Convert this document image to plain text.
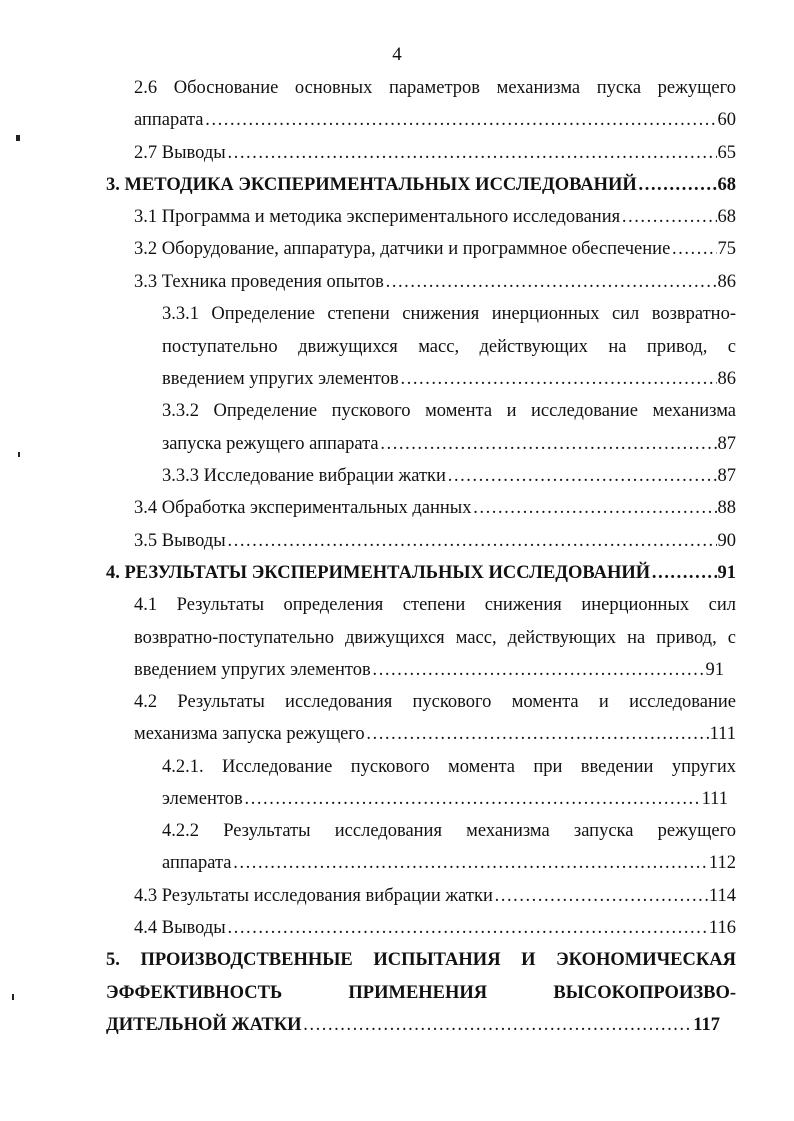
4
2.6 Обоснование основных параметров механизма пуска режущего
аппарата ……………………………………………………………………………………………………………………………………………………………………………………	60
2.7 Выводы ……………………………………………………………………………………………………………………………………………………………………………………	65
3. МЕТОДИКА ЭКСПЕРИМЕНТАЛЬНЫХ ИССЛЕДОВАНИЙ ……………………………………………………………………………………………………………………………………………………………………………………	68
3.1 Программа и методика экспериментального исследования ……………………………………………………………………………………………………………………………………………………………………………………	68
3.2 Оборудование, аппаратура, датчики и программное обеспечение ……………………………………………………………………………………………………………………………………………………………………………………	75
3.3 Техника проведения опытов ……………………………………………………………………………………………………………………………………………………………………………………	86
3.3.1 Определение степени снижения инерционных сил возвратно-
поступательно движущихся масс, действующих на привод, с
введением упругих элементов ……………………………………………………………………………………………………………………………………………………………………………………	86
3.3.2 Определение пускового момента и исследование механизма
запуска режущего аппарата ……………………………………………………………………………………………………………………………………………………………………………………	87
3.3.3 Исследование вибрации жатки ……………………………………………………………………………………………………………………………………………………………………………………	87
3.4 Обработка экспериментальных данных ……………………………………………………………………………………………………………………………………………………………………………………	88
3.5 Выводы ……………………………………………………………………………………………………………………………………………………………………………………	90
4. РЕЗУЛЬТАТЫ ЭКСПЕРИМЕНТАЛЬНЫХ ИССЛЕДОВАНИЙ ……………………………………………………………………………………………………………………………………………………………………………………	91
4.1 Результаты определения степени снижения инерционных сил
возвратно-поступательно движущихся масс, действующих на привод, с
введением упругих элементов ……………………………………………………………………………………………………………………………………………………………………………………	91
4.2 Результаты исследования пускового момента и исследование
механизма запуска режущего ……………………………………………………………………………………………………………………………………………………………………………………	111
4.2.1. Исследование пускового момента при введении упругих
элементов ……………………………………………………………………………………………………………………………………………………………………………………	111
4.2.2 Результаты исследования механизма запуска режущего
аппарата ……………………………………………………………………………………………………………………………………………………………………………………	112
4.3 Результаты исследования вибрации жатки ……………………………………………………………………………………………………………………………………………………………………………………	114
4.4 Выводы ……………………………………………………………………………………………………………………………………………………………………………………	116
5. ПРОИЗВОДСТВЕННЫЕ ИСПЫТАНИЯ И ЭКОНОМИЧЕСКАЯ
ЭФФЕКТИВНОСТЬ ПРИМЕНЕНИЯ ВЫСОКОПРОИЗВО-
ДИТЕЛЬНОЙ ЖАТКИ ……………………………………………………………………………………………………………………………………………………………………………………	117
